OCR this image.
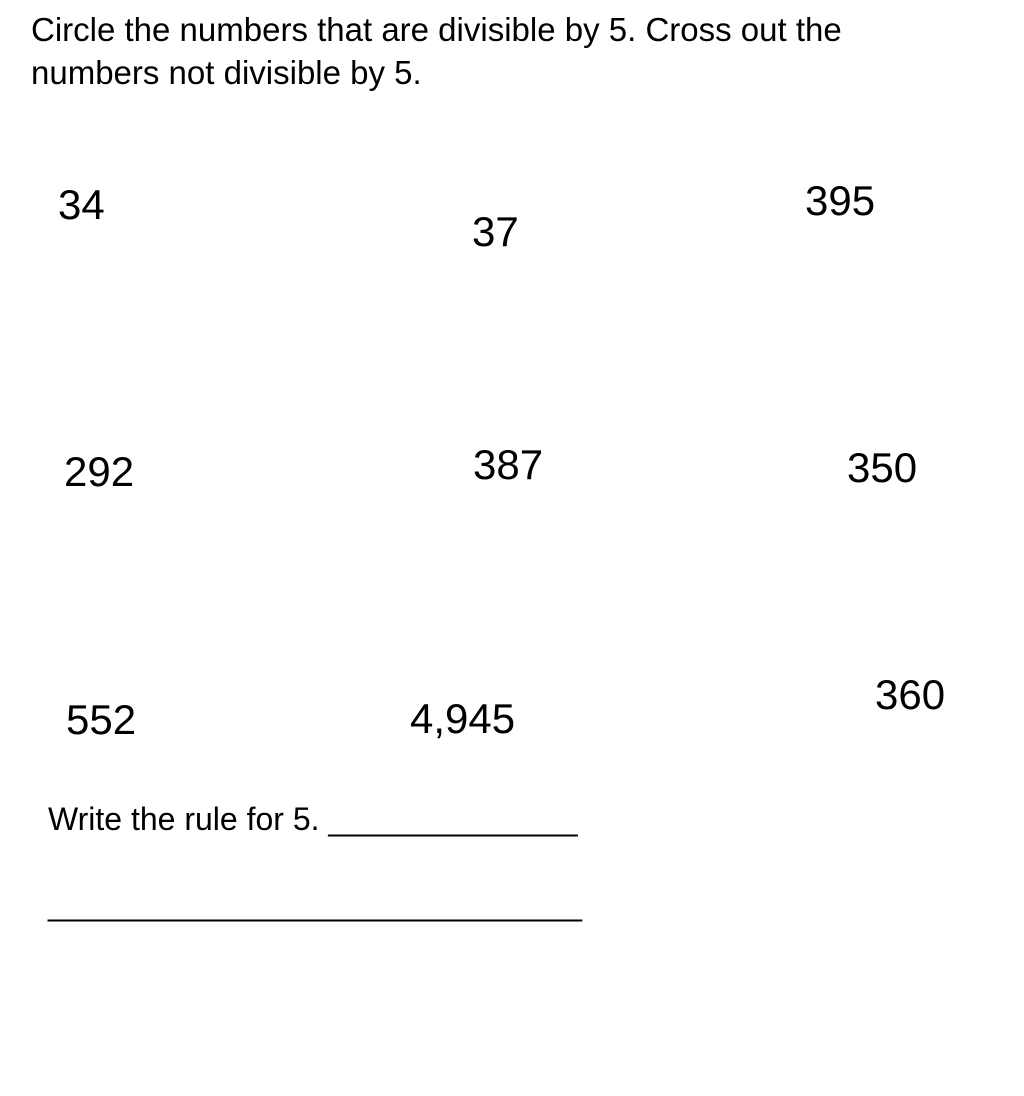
Circle the numbers that are divisible by 5. Cross out the
numbers not divisible by 5.
34
37
395
292	387	350
552	4,945
360
Write the rule for 5. ______________
______________________________
